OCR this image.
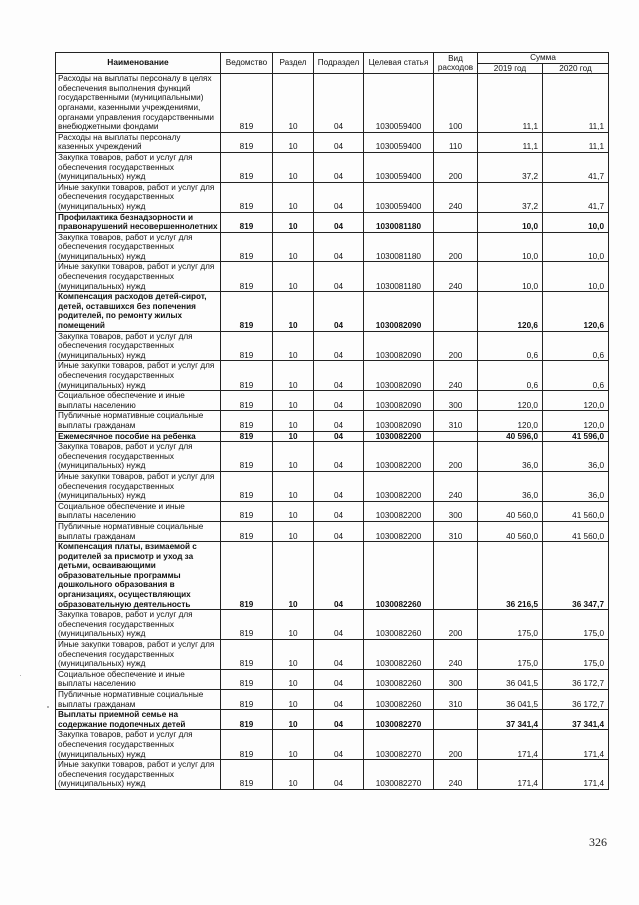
Наименование	Ведомство	Раздел	Подраздел	Целевая статья	Вид расходов	Сумма	
						2019 год	2020 год
Расходы на выплаты персоналу в целях обеспечения выполнения функций государственными (муниципальными) органами, казенными учреждениями, органами управления государственными внебюджетными фондами	819	10	04	1030059400	100	11,1	11,1
Расходы на выплаты персоналу казенных учреждений	819	10	04	1030059400	110	11,1	11,1
Закупка товаров, работ и услуг для обеспечения государственных (муниципальных) нужд	819	10	04	1030059400	200	37,2	41,7
Иные закупки товаров, работ и услуг для обеспечения государственных (муниципальных) нужд	819	10	04	1030059400	240	37,2	41,7
Профилактика безнадзорности и правонарушений несовершеннолетних	819	10	04	1030081180		10,0	10,0
Закупка товаров, работ и услуг для обеспечения государственных (муниципальных) нужд	819	10	04	1030081180	200	10,0	10,0
Иные закупки товаров, работ и услуг для обеспечения государственных (муниципальных) нужд	819	10	04	1030081180	240	10,0	10,0
Компенсация расходов детей-сирот, детей, оставшихся без попечения родителей, по ремонту жилых помещений	819	10	04	1030082090		120,6	120,6
Закупка товаров, работ и услуг для обеспечения государственных (муниципальных) нужд	819	10	04	1030082090	200	0,6	0,6
Иные закупки товаров, работ и услуг для обеспечения государственных (муниципальных) нужд	819	10	04	1030082090	240	0,6	0,6
Социальное обеспечение и иные выплаты населению	819	10	04	1030082090	300	120,0	120,0
Публичные нормативные социальные выплаты гражданам	819	10	04	1030082090	310	120,0	120,0
Ежемесячное пособие на ребенка	819	10	04	1030082200		40 596,0	41 596,0
Закупка товаров, работ и услуг для обеспечения государственных (муниципальных) нужд	819	10	04	1030082200	200	36,0	36,0
Иные закупки товаров, работ и услуг для обеспечения государственных (муниципальных) нужд	819	10	04	1030082200	240	36,0	36,0
Социальное обеспечение и иные выплаты населению	819	10	04	1030082200	300	40 560,0	41 560,0
Публичные нормативные социальные выплаты гражданам	819	10	04	1030082200	310	40 560,0	41 560,0
Компенсация платы, взимаемой с родителей за присмотр и уход за детьми, осваивающими образовательные программы дошкольного образования в организациях, осуществляющих образовательную деятельность	819	10	04	1030082260		36 216,5	36 347,7
Закупка товаров, работ и услуг для обеспечения государственных (муниципальных) нужд	819	10	04	1030082260	200	175,0	175,0
Иные закупки товаров, работ и услуг для обеспечения государственных (муниципальных) нужд	819	10	04	1030082260	240	175,0	175,0
Социальное обеспечение и иные выплаты населению	819	10	04	1030082260	300	36 041,5	36 172,7
Публичные нормативные социальные выплаты гражданам	819	10	04	1030082260	310	36 041,5	36 172,7
Выплаты приемной семье на содержание подопечных детей	819	10	04	1030082270		37 341,4	37 341,4
Закупка товаров, работ и услуг для обеспечения государственных (муниципальных) нужд	819	10	04	1030082270	200	171,4	171,4
Иные закупки товаров, работ и услуг для обеспечения государственных (муниципальных) нужд	819	10	04	1030082270	240	171,4	171,4
326
